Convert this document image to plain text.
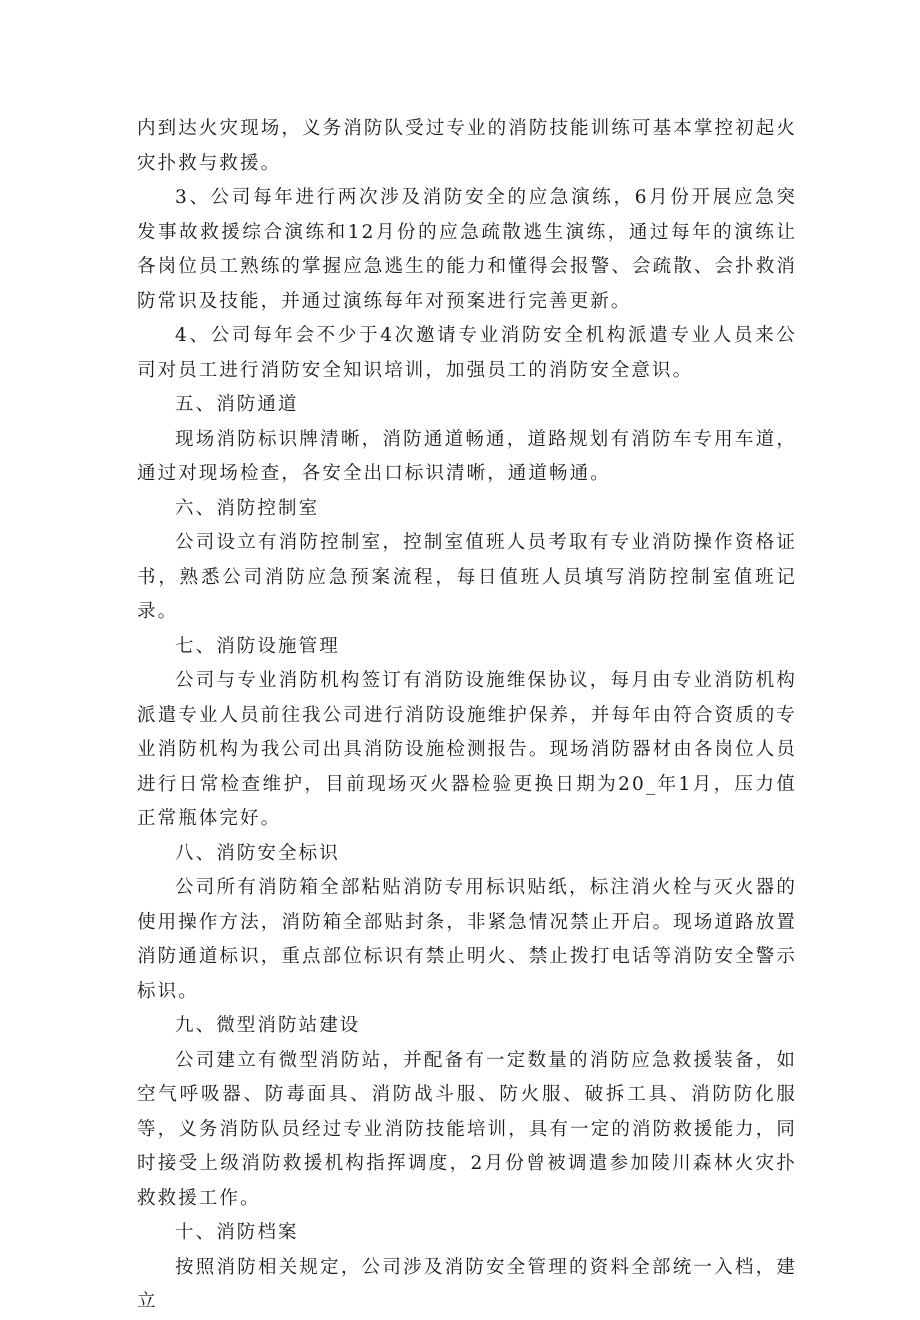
内到达火灾现场，义务消防队受过专业的消防技能训练可基本掌控初起火灾扑救与救援。

3、公司每年进行两次涉及消防安全的应急演练，6月份开展应急突发事故救援综合演练和12月份的应急疏散逃生演练，通过每年的演练让各岗位员工熟练的掌握应急逃生的能力和懂得会报警、会疏散、会扑救消防常识及技能，并通过演练每年对预案进行完善更新。

4、公司每年会不少于4次邀请专业消防安全机构派遣专业人员来公司对员工进行消防安全知识培训，加强员工的消防安全意识。

五、消防通道

现场消防标识牌清晰，消防通道畅通，道路规划有消防车专用车道，通过对现场检查，各安全出口标识清晰，通道畅通。

六、消防控制室

公司设立有消防控制室，控制室值班人员考取有专业消防操作资格证书，熟悉公司消防应急预案流程，每日值班人员填写消防控制室值班记录。

七、消防设施管理

公司与专业消防机构签订有消防设施维保协议，每月由专业消防机构派遣专业人员前往我公司进行消防设施维护保养，并每年由符合资质的专业消防机构为我公司出具消防设施检测报告。现场消防器材由各岗位人员进行日常检查维护，目前现场灭火器检验更换日期为20_年1月，压力值正常瓶体完好。

八、消防安全标识

公司所有消防箱全部粘贴消防专用标识贴纸，标注消火栓与灭火器的使用操作方法，消防箱全部贴封条，非紧急情况禁止开启。现场道路放置消防通道标识，重点部位标识有禁止明火、禁止拨打电话等消防安全警示标识。

九、微型消防站建设

公司建立有微型消防站，并配备有一定数量的消防应急救援装备，如空气呼吸器、防毒面具、消防战斗服、防火服、破拆工具、消防防化服等，义务消防队员经过专业消防技能培训，具有一定的消防救援能力，同时接受上级消防救援机构指挥调度，2月份曾被调遣参加陵川森林火灾扑救救援工作。

十、消防档案

按照消防相关规定，公司涉及消防安全管理的资料全部统一入档，建立
